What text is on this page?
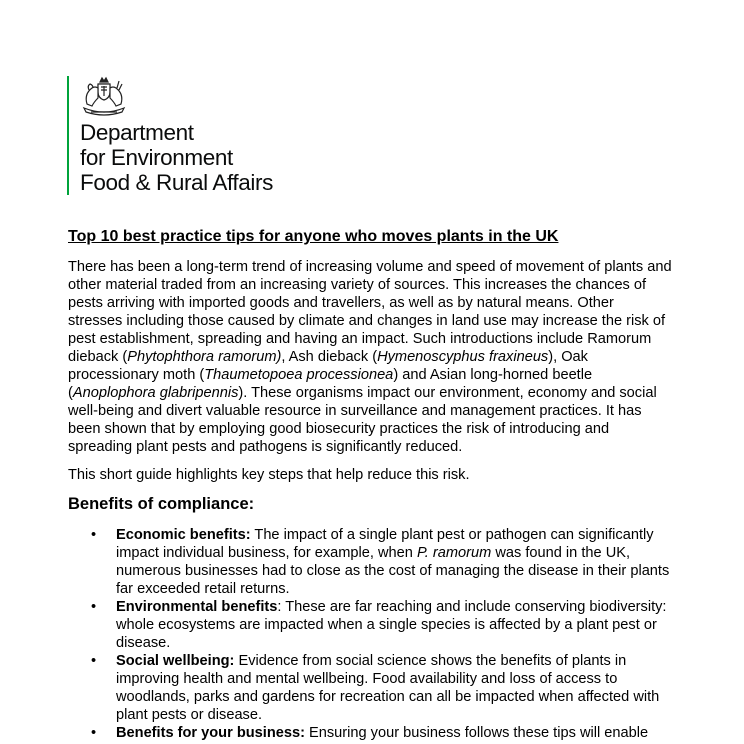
Department
for Environment
Food & Rural Affairs
Top 10 best practice tips for anyone who moves plants in the UK

There has been a long-term trend of increasing volume and speed of movement of plants and other material traded from an increasing variety of sources. This increases the chances of pests arriving with imported goods and travellers, as well as by natural means. Other stresses including those caused by climate and changes in land use may increase the risk of pest establishment, spreading and having an impact. Such introductions include Ramorum dieback (Phytophthora ramorum), Ash dieback (Hymenoscyphus fraxineus), Oak processionary moth (Thaumetopoea processionea) and Asian long-horned beetle (Anoplophora glabripennis). These organisms impact our environment, economy and social well-being and divert valuable resource in surveillance and management practices. It has been shown that by employing good biosecurity practices the risk of introducing and spreading plant pests and pathogens is significantly reduced.

This short guide highlights key steps that help reduce this risk.

Benefits of compliance:
• Economic benefits: The impact of a single plant pest or pathogen can significantly impact individual business, for example, when P. ramorum was found in the UK, numerous businesses had to close as the cost of managing the disease in their plants far exceeded retail returns.
• Environmental benefits: These are far reaching and include conserving biodiversity: whole ecosystems are impacted when a single species is affected by a plant pest or disease.
• Social wellbeing: Evidence from social science shows the benefits of plants in improving health and mental wellbeing. Food availability and loss of access to woodlands, parks and gardens for recreation can all be impacted when affected with plant pests or disease.
• Benefits for your business: Ensuring your business follows these tips will enable
